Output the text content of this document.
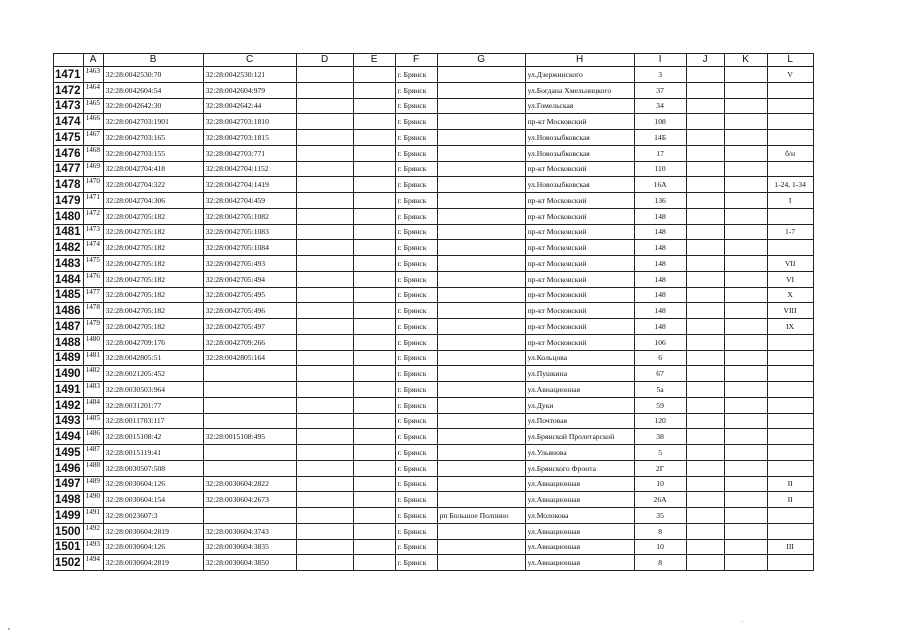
	A	B	C	D	E	F	G	H	I	J	K	L
1471	1463	32:28:0042530:70	32:28:0042530:121			г. Брянск		ул.Дзержинского	3			V
1472	1464	32:28:0042604:54	32:28:0042604:979			г. Брянск		ул.Богдана Хмельницкого	37			
1473	1465	32:28:0042642:30	32:28:0042642:44			г. Брянск		ул.Гомельская	34			
1474	1466	32:28:0042703:1901	32:28:0042703:1810			г. Брянск		пр-кт Московский	108			
1475	1467	32:28:0042703:165	32:28:0042703:1815			г. Брянск		ул.Новозыбковская	14Б			
1476	1468	32:28:0042703:155	32:28:0042703:771			г. Брянск		ул.Новозыбковская	17			б/н
1477	1469	32:28:0042704:418	32:28:0042704:1152			г. Брянск		пр-кт Московский	110			
1478	1470	32:28:0042704:322	32:28:0042704:1419			г. Брянск		ул.Новозыбковская	16А			1-24, 1-34
1479	1471	32:28:0042704:306	32:28:0042704:459			г. Брянск		пр-кт Московский	136			I
1480	1472	32:28:0042705:182	32:28:0042705:1082			г. Брянск		пр-кт Московский	148			
1481	1473	32:28:0042705:182	32:28:0042705:1083			г. Брянск		пр-кт Московский	148			1-7
1482	1474	32:28:0042705:182	32:28:0042705:1084			г. Брянск		пр-кт Московский	148			
1483	1475	32:28:0042705:182	32:28:0042705:493			г. Брянск		пр-кт Московский	148			VII
1484	1476	32:28:0042705:182	32:28:0042705:494			г. Брянск		пр-кт Московский	148			VI
1485	1477	32:28:0042705:182	32:28:0042705:495			г. Брянск		пр-кт Московский	148			X
1486	1478	32:28:0042705:182	32:28:0042705:496			г. Брянск		пр-кт Московский	148			VIII
1487	1479	32:28:0042705:182	32:28:0042705:497			г. Брянск		пр-кт Московский	148			IX
1488	1480	32:28:0042709:176	32:28:0042709:266			г. Брянск		пр-кт Московский	106			
1489	1481	32:28:0042805:51	32:28:0042805:164			г. Брянск		ул.Кольцова	6			
1490	1482	32:28:0021205:452				г. Брянск		ул.Пушкина	67			
1491	1483	32:28:0030503:964				г. Брянск		ул.Авиационная	5а			
1492	1484	32:28:0031201:77				г. Брянск		ул.Дуки	59			
1493	1485	32:28:0011703:117				г. Брянск		ул.Почтовая	120			
1494	1486	32:28:0015108:42	32:28:0015108:495			г. Брянск		ул.Брянской Пролетарской	38			
1495	1487	32:28:0015119:41				г. Брянск		ул.Ульянова	5			
1496	1488	32:28:0030507:508				г. Брянск		ул.Брянского Фронта	2Г			
1497	1489	32:28:0030604:126	32:28:0030604:2822			г. Брянск		ул.Авиационная	10			II
1498	1490	32:28:0030604:154	32:28:0030604:2673			г. Брянск		ул.Авиационная	26А			II
1499	1491	32:28:0023607:3				г. Брянск	рп Большое Полпино	ул.Молокова	35			
1500	1492	32:28:0030604:2819	32:28:0030604:3743			г. Брянск		ул.Авиационная	8			
1501	1493	32:28:0030604:126	32:28:0030604:3835			г. Брянск		ул.Авиационная	10			III
1502	1494	32:28:0030604:2819	32:28:0030604:3850			г. Брянск		ул.Авиационная	8			
